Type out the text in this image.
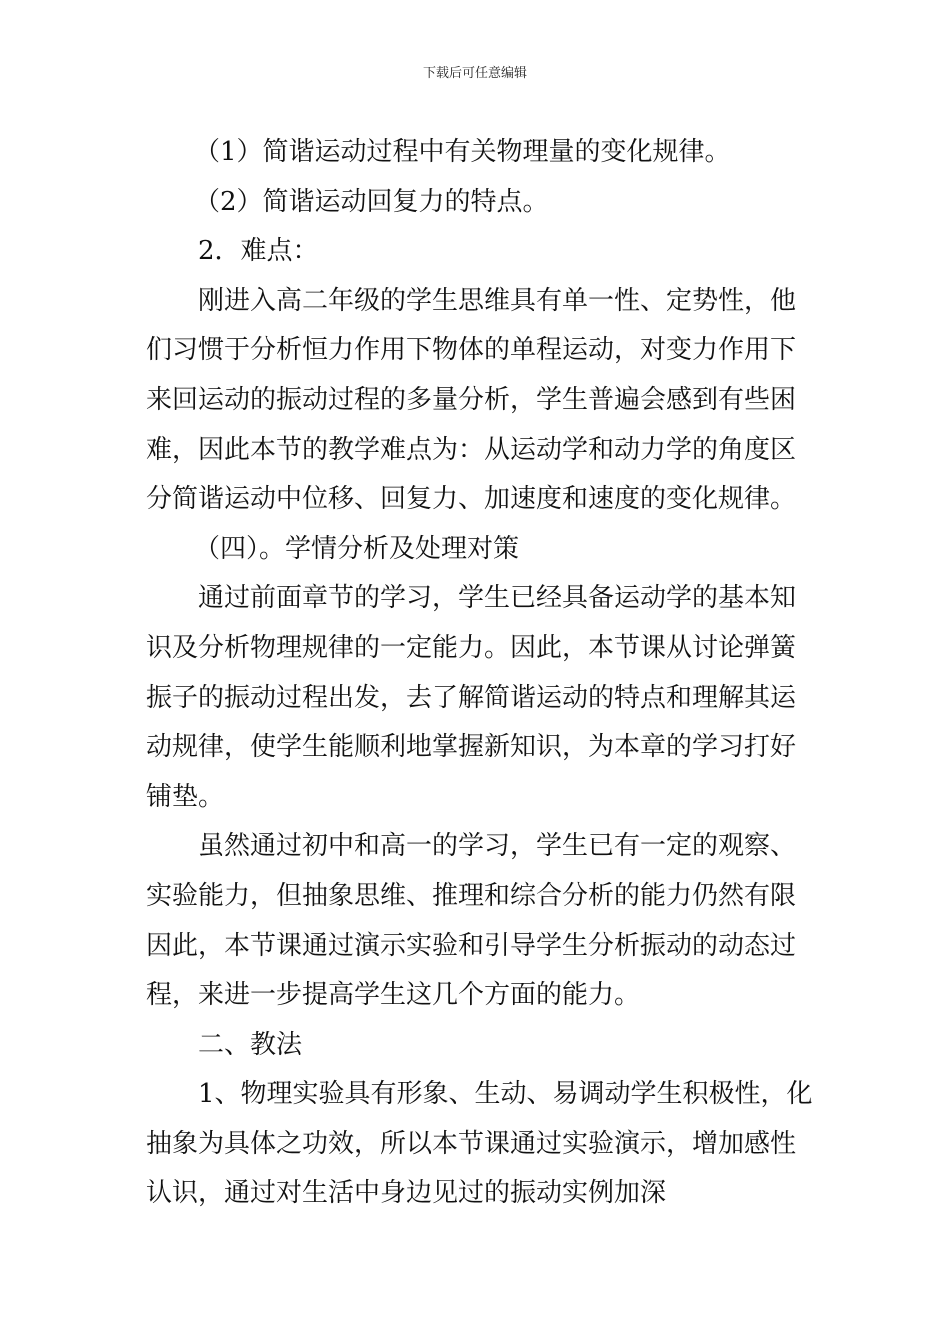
下载后可任意编辑
（1）简谐运动过程中有关物理量的变化规律。
（2）简谐运动回复力的特点。
2．难点：
刚进入高二年级的学生思维具有单一性、定势性，他
们习惯于分析恒力作用下物体的单程运动，对变力作用下
来回运动的振动过程的多量分析，学生普遍会感到有些困
难，因此本节的教学难点为：从运动学和动力学的角度区
分简谐运动中位移、回复力、加速度和速度的变化规律。
（四）。学情分析及处理对策
通过前面章节的学习，学生已经具备运动学的基本知
识及分析物理规律的一定能力。因此，本节课从讨论弹簧
振子的振动过程出发，去了解简谐运动的特点和理解其运
动规律，使学生能顺利地掌握新知识，为本章的学习打好
铺垫。
虽然通过初中和高一的学习，学生已有一定的观察、
实验能力，但抽象思维、推理和综合分析的能力仍然有限
因此，本节课通过演示实验和引导学生分析振动的动态过
程，来进一步提高学生这几个方面的能力。
二、教法
1、物理实验具有形象、生动、易调动学生积极性，化
抽象为具体之功效，所以本节课通过实验演示，增加感性
认识，通过对生活中身边见过的振动实例加深
